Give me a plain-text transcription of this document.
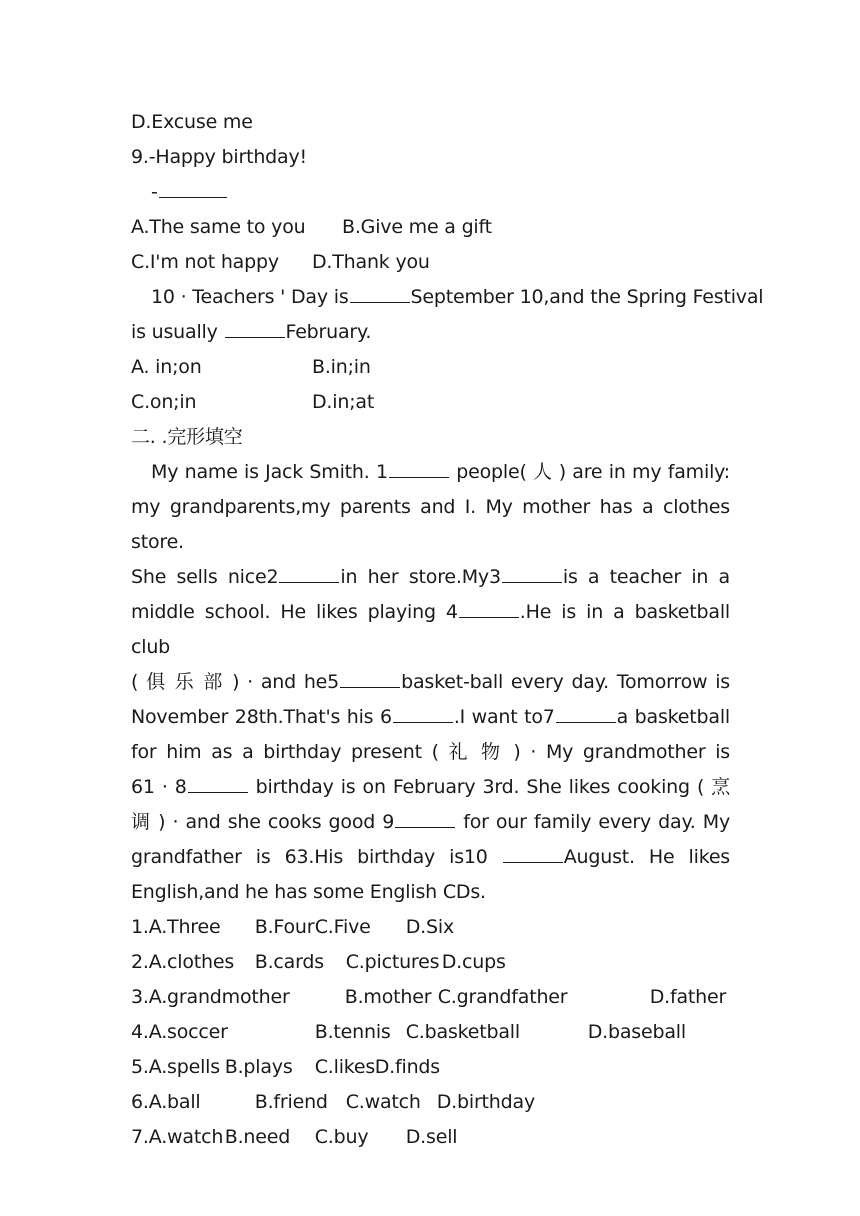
D.Excuse me
9.-Happy birthday!
-
A.The same to you B.Give me a gift
C.I'm not happy D.Thank you
10 · Teachers ' Day is	September 10,and the Spring Festival
is usually	February.
A. in;on	B.in;in
C.on;in	D.in;at
二. .完形填空
My name is Jack Smith. 1	people( 人 ) are in my family:
my grandparents,my parents and I. My mother has a clothes store.
She sells nice2	in her store.My3	is a teacher in a
middle school. He likes playing 4	.He is in a basketball club
( 俱 乐 部 ) · and he5	basket-ball every day. Tomorrow is
November 28th.That's his 6	.I want to7	a basketball
for him as a birthday present ( 礼 物 ) · My grandmother is
61 · 8	birthday is on February 3rd. She likes cooking ( 烹
调 ) · and she cooks good 9	for our family every day. My
grandfather is 63.His birthday is10	August. He likes
English,and he has some English CDs.
1.A.Three B.FourC.Five D.Six
2.A.clothes B.cards C.pictures D.cups
3.A.grandmother	B.mother C.grandfather	D.father
4.A.soccer	B.tennis C.basketball	D.baseball
5.A.spells B.plays C.likesD.finds
6.A.ball	B.friend C.watch D.birthday
7.A.watchB.need C.buy D.sell
